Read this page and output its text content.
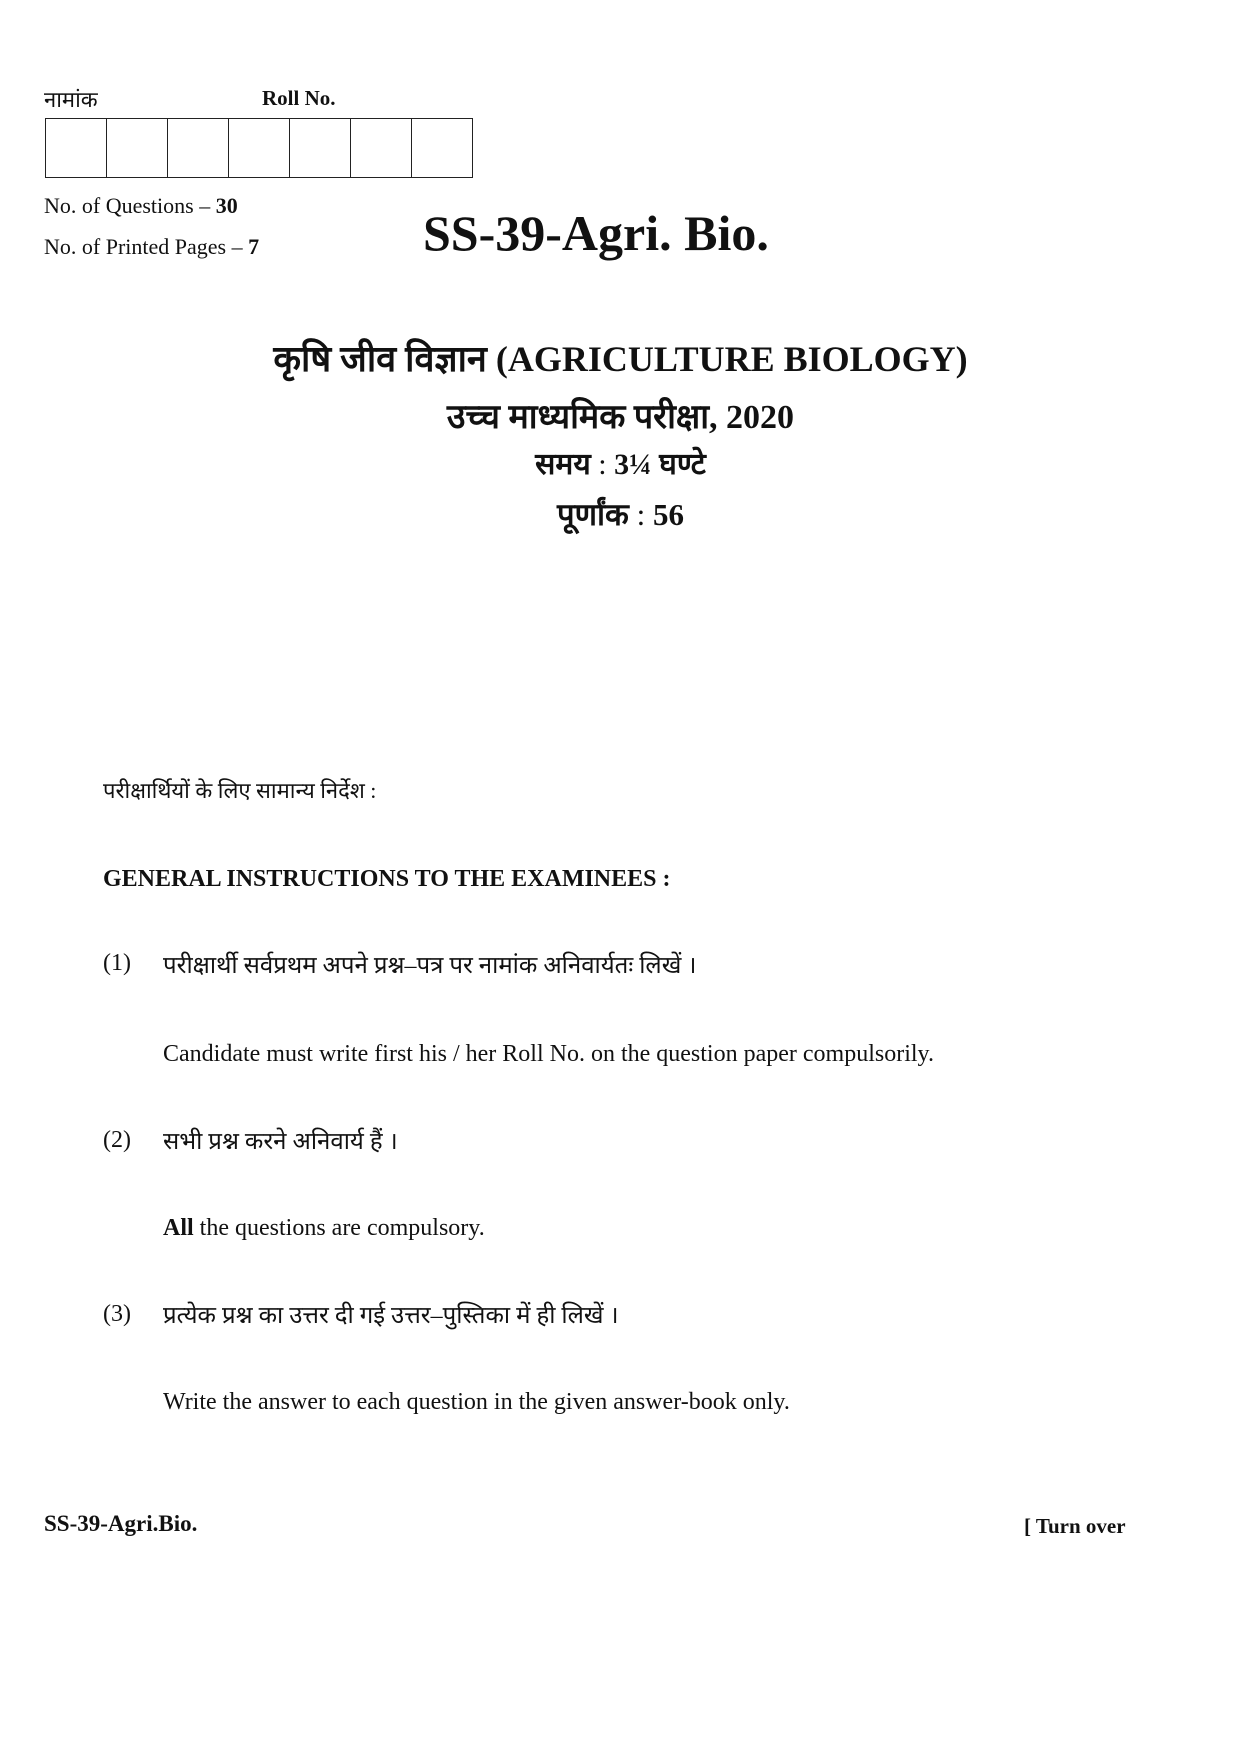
नामांक	Roll No.
No. of Questions – 30
No. of Printed Pages – 7	SS-39-Agri. Bio.
कृषि जीव विज्ञान (AGRICULTURE BIOLOGY)
उच्च माध्यमिक परीक्षा, 2020
समय : 3¼ घण्टे
पूर्णांक : 56
परीक्षार्थियों के लिए सामान्य निर्देश :
GENERAL INSTRUCTIONS TO THE EXAMINEES :
(1) परीक्षार्थी सर्वप्रथम अपने प्रश्न–पत्र पर नामांक अनिवार्यतः लिखें ।
Candidate must write first his / her Roll No. on the question paper compulsorily.
(2) सभी प्रश्न करने अनिवार्य हैं ।
All the questions are compulsory.
(3) प्रत्येक प्रश्न का उत्तर दी गई उत्तर–पुस्तिका में ही लिखें ।
Write the answer to each question in the given answer-book only.
SS-39-Agri.Bio.	[ Turn over
